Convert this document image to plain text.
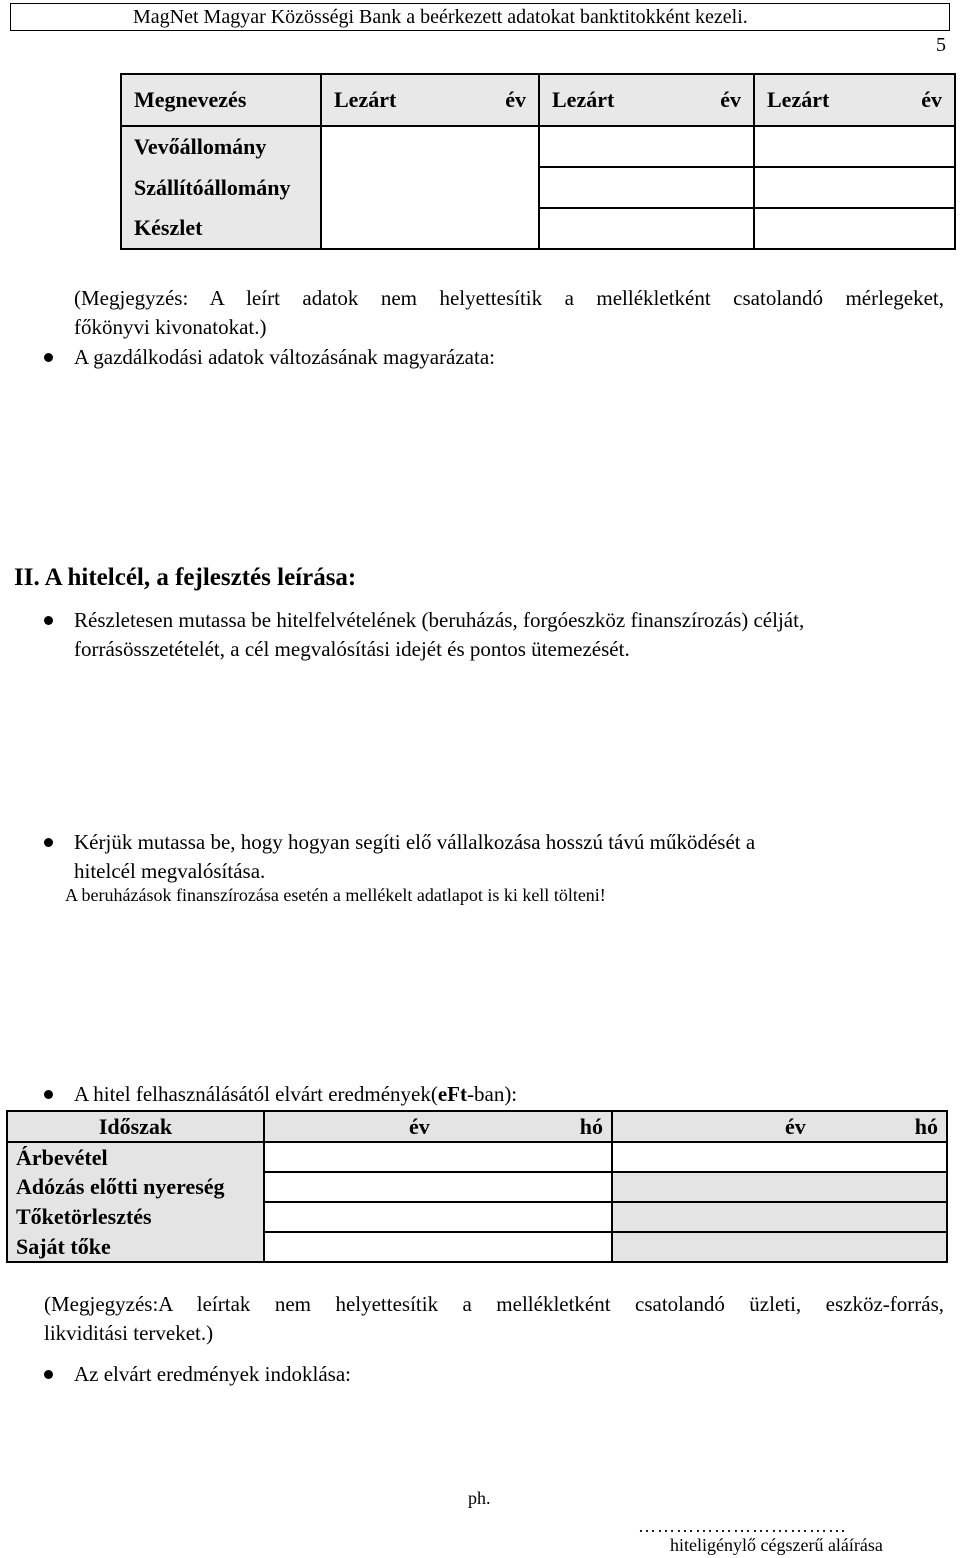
MagNet Magyar Közösségi Bank a beérkezett adatokat banktitokként kezeli.
5
Megnevezés	Lezárt év	Lezárt év	Lezárt év

Vevőállomány			
Szállítóállomány			
Készlet			
(Megjegyzés: A leírt adatok nem helyettesítik a mellékletként csatolandó mérlegeket,
főkönyvi kivonatokat.)
A gazdálkodási adatok változásának magyarázata:
II. A hitelcél, a fejlesztés leírása:
Részletesen mutassa be hitelfelvételének (beruházás, forgóeszköz finanszírozás) célját,
forrásösszetételét, a cél megvalósítási idejét és pontos ütemezését.
Kérjük mutassa be, hogy hogyan segíti elő vállalkozása hosszú távú működését a
hitelcél megvalósítása.
A beruházások finanszírozása esetén a mellékelt adatlapot is ki kell tölteni!
A hitel felhasználásától elvárt eredmények(eFt-ban):
Időszak	év hó	év hó

Árbevétel		
Adózás előtti nyereség		
Tőketörlesztés		
Saját tőke		
(Megjegyzés:A leírtak nem helyettesítik a mellékletként csatolandó üzleti, eszköz-forrás,
likviditási terveket.)
Az elvárt eredmények indoklása:
ph.
……………………………
hiteligénylő cégszerű aláírása
